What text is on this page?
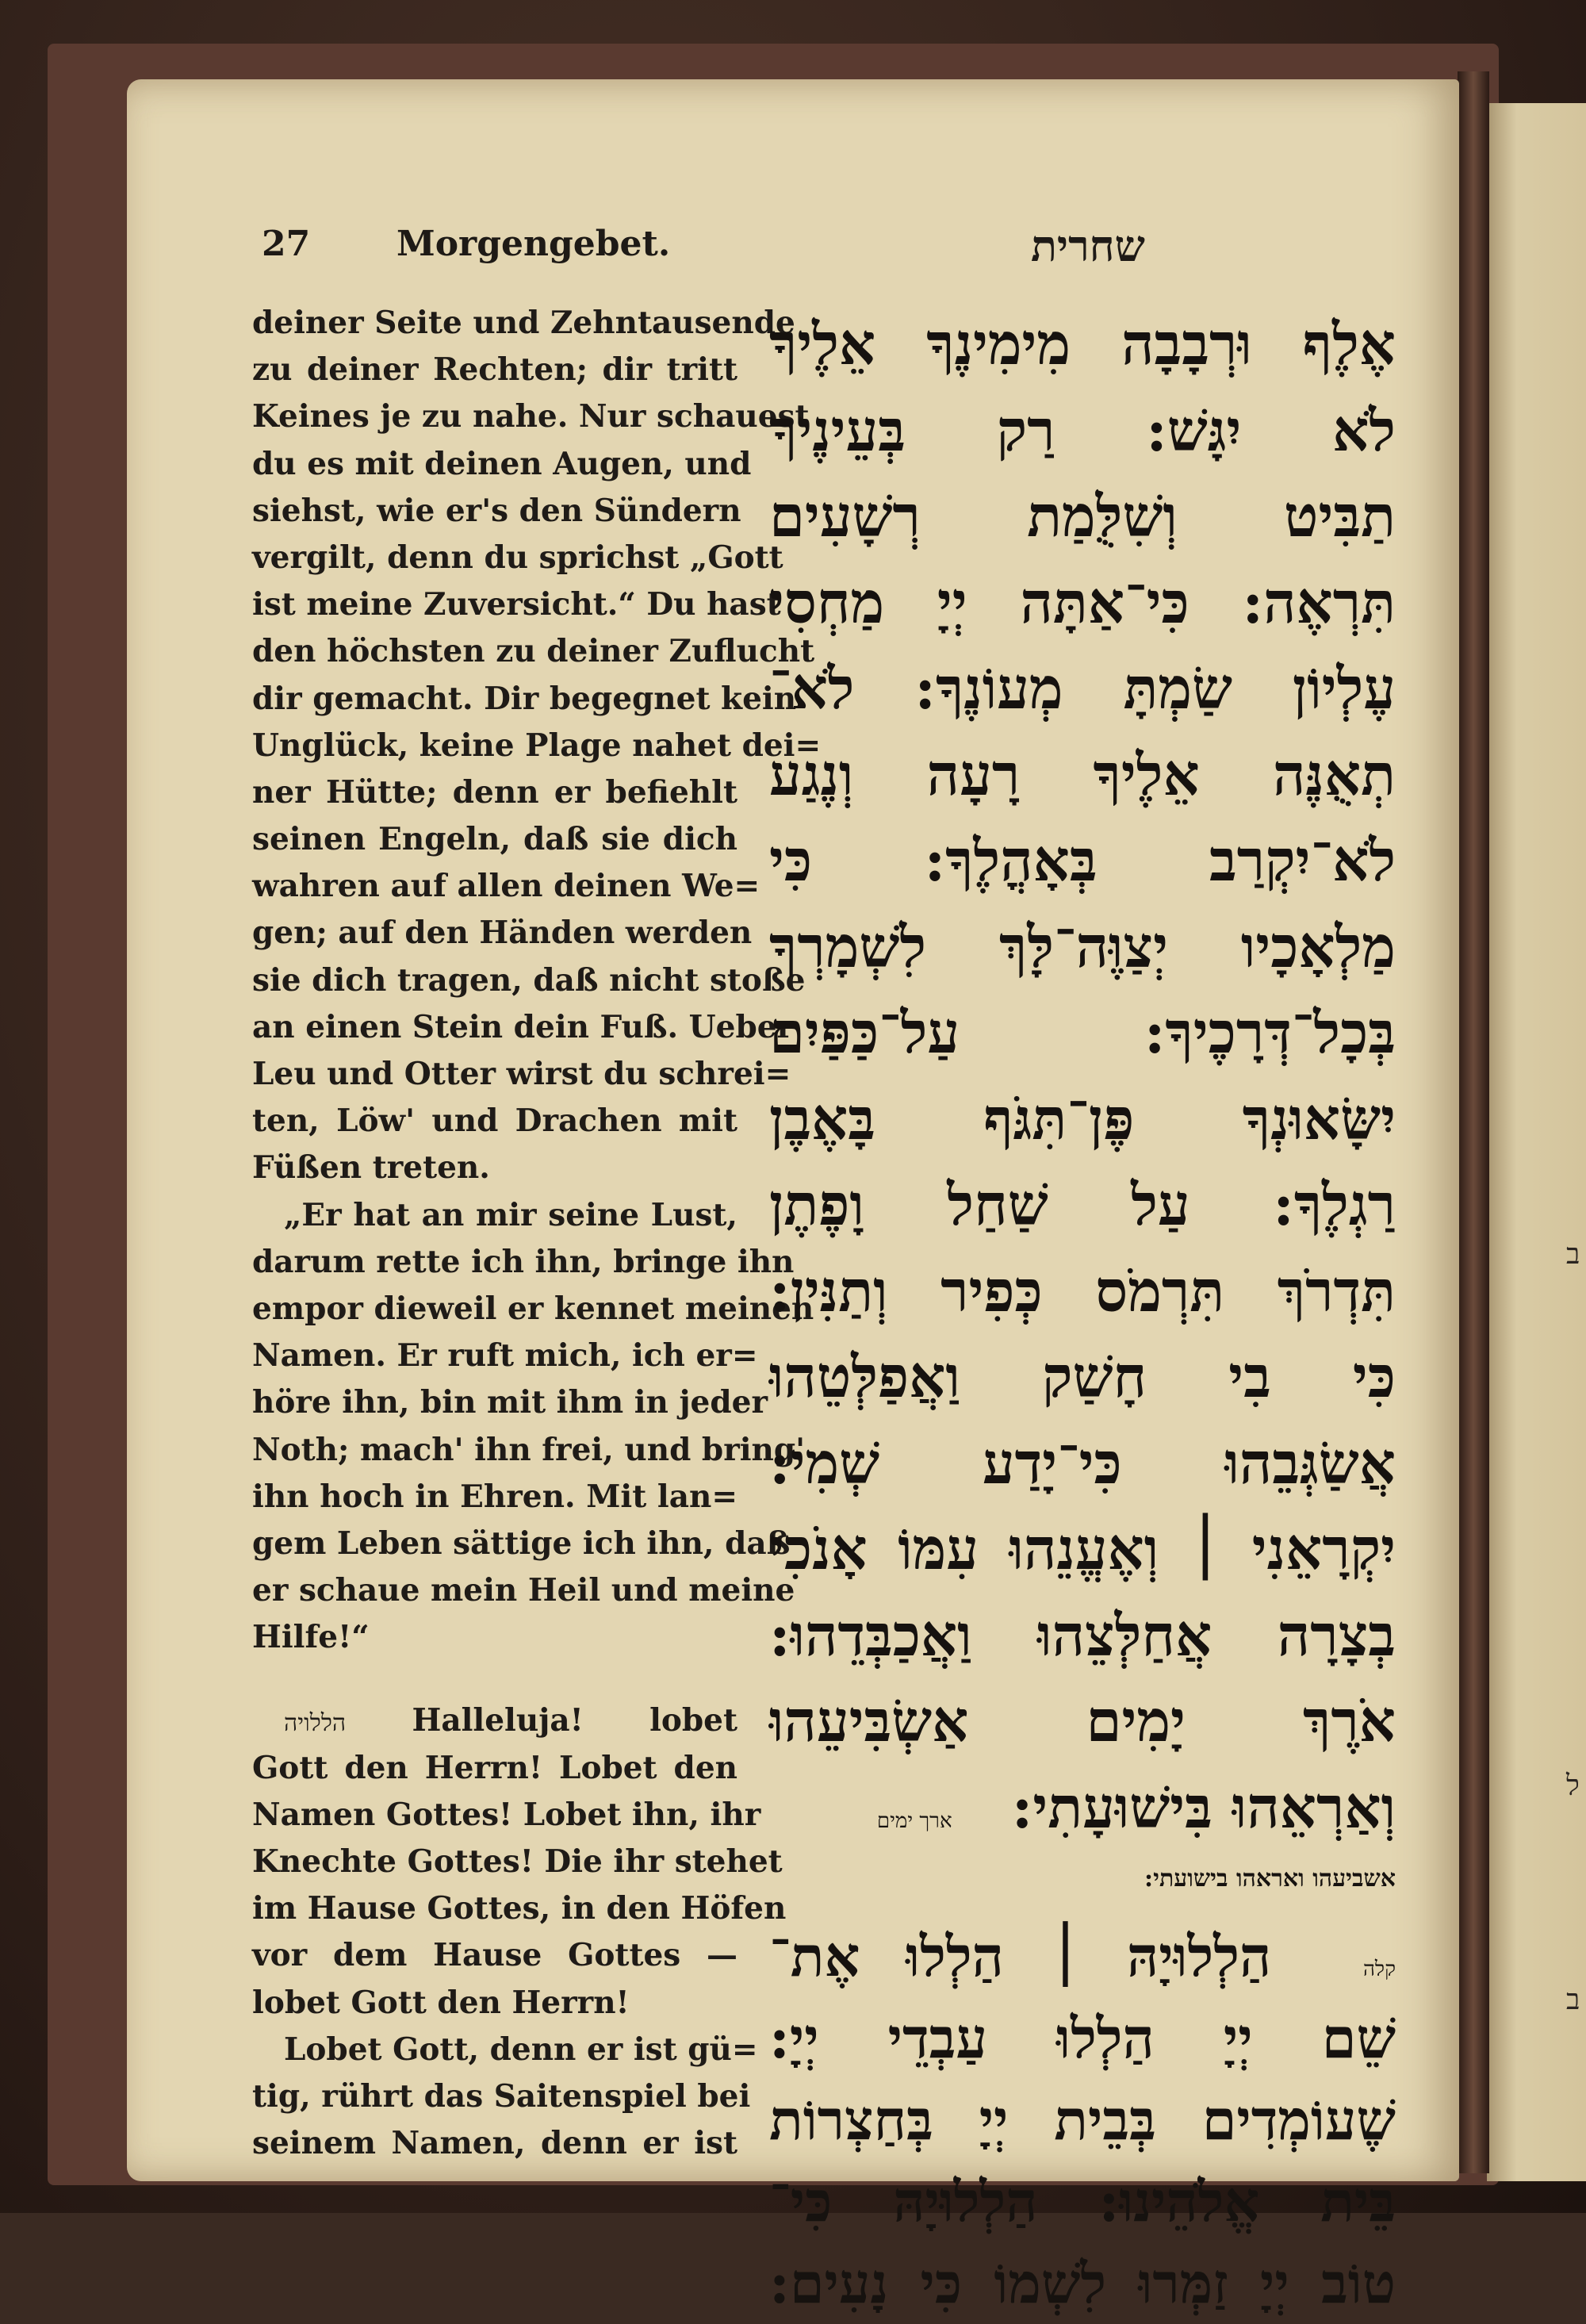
ב
ל
ב
27 Morgengebet.	שחרית
deiner Seite und Zehntausende
zu deiner Rechten; dir tritt
Keines je zu nahe. Nur schauest
du es mit deinen Augen, und
siehst, wie er's den Sündern
vergilt, denn du sprichst „Gott
ist meine Zuversicht.“ Du hast
den höchsten zu deiner Zuflucht
dir gemacht. Dir begegnet kein
Unglück, keine Plage nahet dei=
ner Hütte; denn er befiehlt
seinen Engeln, daß sie dich
wahren auf allen deinen We=
gen; auf den Händen werden
sie dich tragen, daß nicht stoße
an einen Stein dein Fuß. Ueber
Leu und Otter wirst du schrei=
ten, Löw' und Drachen mit
Füßen treten.
„Er hat an mir seine Lust,
darum rette ich ihn, bringe ihn
empor dieweil er kennet meinen
Namen. Er ruft mich, ich er=
höre ihn, bin mit ihm in jeder
Noth; mach' ihn frei, und bring'
ihn hoch in Ehren. Mit lan=
gem Leben sättige ich ihn, daß
er schaue mein Heil und meine
Hilfe!“
הללויה Halleluja! lobet
Gott den Herrn! Lobet den
Namen Gottes! Lobet ihn, ihr
Knechte Gottes! Die ihr stehet
im Hause Gottes, in den Höfen
vor dem Hause Gottes —
lobet Gott den Herrn!
Lobet Gott, denn er ist gü=
tig, rührt das Saitenspiel bei
seinem Namen, denn er ist
אֶלֶף וּרְבָבָה מִימִינֶךָ אֵלֶיךָ
לֹא יִגָּשׁ: רַק בְּעֵינֶיךָ
תַבִּיט וְשִׁלֻּמַת רְשָׁעִים
תִּרְאֶה: כִּי־אַתָּה יְיָ מַחְסִי
עֶלְיוֹן שַׂמְתָּ מְעוֹנֶךָ: לֹא־
תְאֻנֶּה אֵלֶיךָ רָעָה וְנֶגַע
לֹא־יִקְרַב בְּאָהֳלֶךָ: כִּי
מַלְאָכָיו יְצַוֶּה־לָּךְ לִשְׁמָרְךָ
בְּכָל־דְּרָכֶיךָ: עַל־כַּפַּיִם
יִשָּׂאוּנְךָ פֶּן־תִּגֹּף בָּאֶבֶן
רַגְלֶךָ: עַל שַׁחַל וָפֶתֶן
תִּדְרֹךְ תִּרְמֹס כְּפִיר וְתַנִּין:
כִּי בִי חָשַׁק וַאֲפַלְּטֵהוּ
אֲשַׂגְּבֵהוּ כִּי־יָדַע שְׁמִי:
יִקְרָאֵנִי ׀ וְאֶעֱנֵהוּ עִמּוֹ אָנֹכִי
בְצָרָה אֲחַלְּצֵהוּ וַאֲכַבְּדֵהוּ:
אֹרֶךְ יָמִים אַשְׂבִּיעֵהוּ
וְאַרְאֵהוּ בִּישׁוּעָתִי:   ארך ימים
אשביעהו ואראהו בישועתי:
קלה  הַלְלוּיָהּ ׀ הַלְלוּ אֶת־
שֵׁם יְיָ הַלְלוּ עַבְדֵי יְיָ:
שֶׁעוֹמְדִים בְּבֵית יְיָ בְּחַצְרוֹת
בֵּית אֱלֹהֵינוּ: הַלְלוּיָהּ כִּי־
טוֹב יְיָ זַמְּרוּ לִשְׁמוֹ כִּי נָעִים:
